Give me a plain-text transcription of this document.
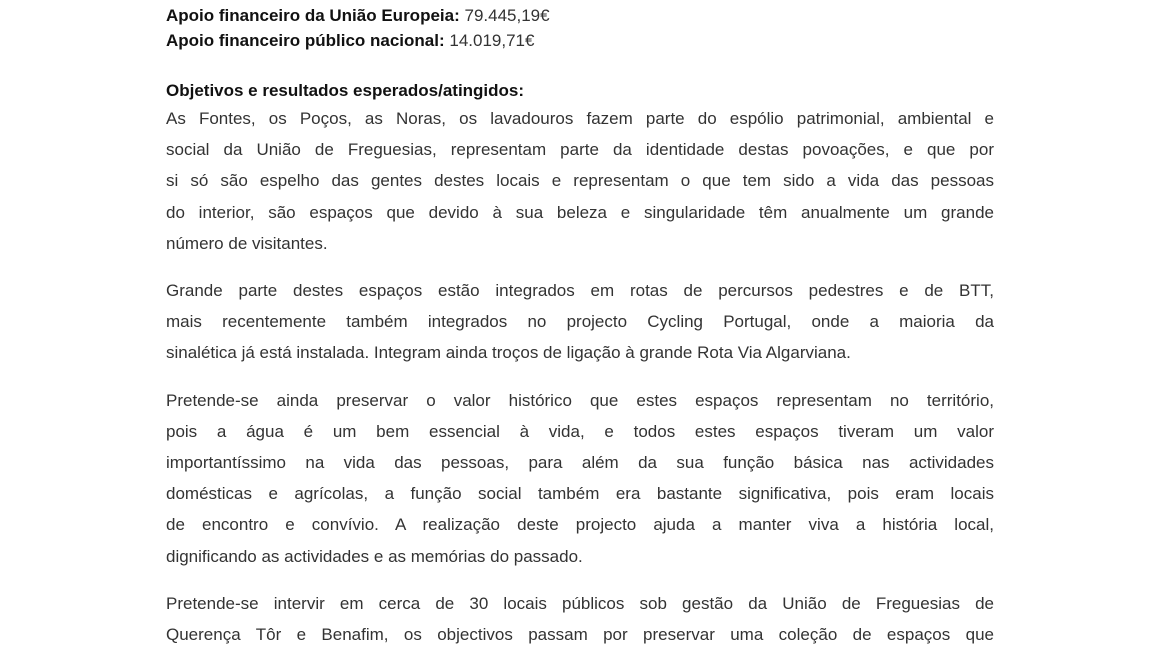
Apoio financeiro da União Europeia: 79.445,19€

Apoio financeiro público nacional: 14.019,71€

Objetivos e resultados esperados/atingidos:
As Fontes, os Poços, as Noras, os lavadouros fazem parte do espólio patrimonial, ambiental e
social da União de Freguesias, representam parte da identidade destas povoações, e que por
si só são espelho das gentes destes locais e representam o que tem sido a vida das pessoas
do interior, são espaços que devido à sua beleza e singularidade têm anualmente um grande
número de visitantes.
Grande parte destes espaços estão integrados em rotas de percursos pedestres e de BTT,
mais recentemente também integrados no projecto Cycling Portugal, onde a maioria da
sinalética já está instalada. Integram ainda troços de ligação à grande Rota Via Algarviana.
Pretende-se ainda preservar o valor histórico que estes espaços representam no território,
pois a água é um bem essencial à vida, e todos estes espaços tiveram um valor
importantíssimo na vida das pessoas, para além da sua função básica nas actividades
domésticas e agrícolas, a função social também era bastante significativa, pois eram locais
de encontro e convívio. A realização deste projecto ajuda a manter viva a história local,
dignificando as actividades e as memórias do passado.
Pretende-se intervir em cerca de 30 locais públicos sob gestão da União de Freguesias de
Querença Tôr e Benafim, os objectivos passam por preservar uma coleção de espaços que
